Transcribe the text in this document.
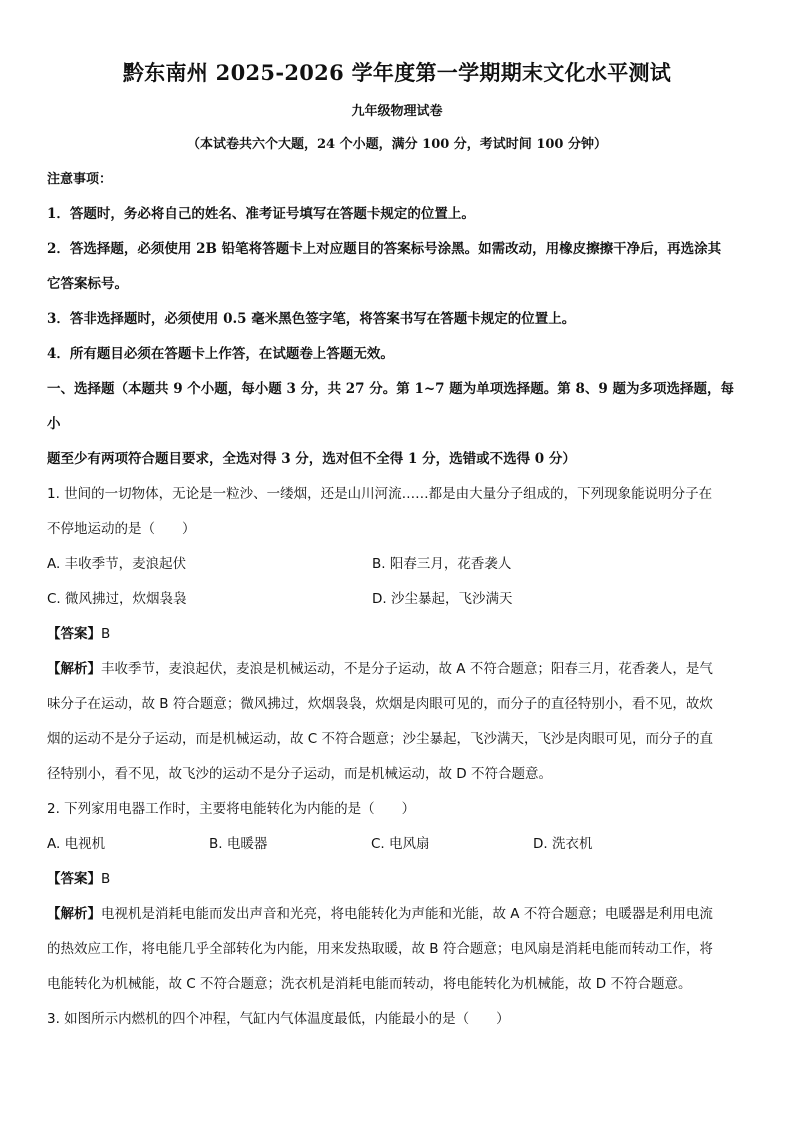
黔东南州 2025-2026 学年度第一学期期末文化水平测试
九年级物理试卷
（本试卷共六个大题，24 个小题，满分 100 分，考试时间 100 分钟）
注意事项：

1．答题时，务必将自己的姓名、准考证号填写在答题卡规定的位置上。

2．答选择题，必须使用 2B 铅笔将答题卡上对应题目的答案标号涂黑。如需改动，用橡皮擦擦干净后，再选涂其

它答案标号。

3．答非选择题时，必须使用 0.5 毫米黑色签字笔，将答案书写在答题卡规定的位置上。

4．所有题目必须在答题卡上作答，在试题卷上答题无效。

一、选择题（本题共 9 个小题，每小题 3 分，共 27 分。第 1~7 题为单项选择题。第 8、9 题为多项选择题，每小

题至少有两项符合题目要求，全选对得 3 分，选对但不全得 1 分，选错或不选得 0 分）

1. 世间的一切物体，无论是一粒沙、一缕烟，还是山川河流……都是由大量分子组成的，下列现象能说明分子在

不停地运动的是（　　）

A. 丰收季节，麦浪起伏	B. 阳春三月，花香袭人
C. 微风拂过，炊烟袅袅	D. 沙尘暴起，飞沙满天

【答案】B

【解析】丰收季节，麦浪起伏，麦浪是机械运动，不是分子运动，故 A 不符合题意；阳春三月，花香袭人，是气

味分子在运动，故 B 符合题意；微风拂过，炊烟袅袅，炊烟是肉眼可见的，而分子的直径特别小，看不见，故炊

烟的运动不是分子运动，而是机械运动，故 C 不符合题意；沙尘暴起，飞沙满天，飞沙是肉眼可见，而分子的直

径特别小，看不见，故飞沙的运动不是分子运动，而是机械运动，故 D 不符合题意。

2. 下列家用电器工作时，主要将电能转化为内能的是（　　）

A. 电视机	B. 电暖器	C. 电风扇	D. 洗衣机

【答案】B

【解析】电视机是消耗电能而发出声音和光亮，将电能转化为声能和光能，故 A 不符合题意；电暖器是利用电流

的热效应工作，将电能几乎全部转化为内能，用来发热取暖，故 B 符合题意；电风扇是消耗电能而转动工作，将

电能转化为机械能，故 C 不符合题意；洗衣机是消耗电能而转动，将电能转化为机械能，故 D 不符合题意。

3. 如图所示内燃机的四个冲程，气缸内气体温度最低，内能最小的是（　　）
